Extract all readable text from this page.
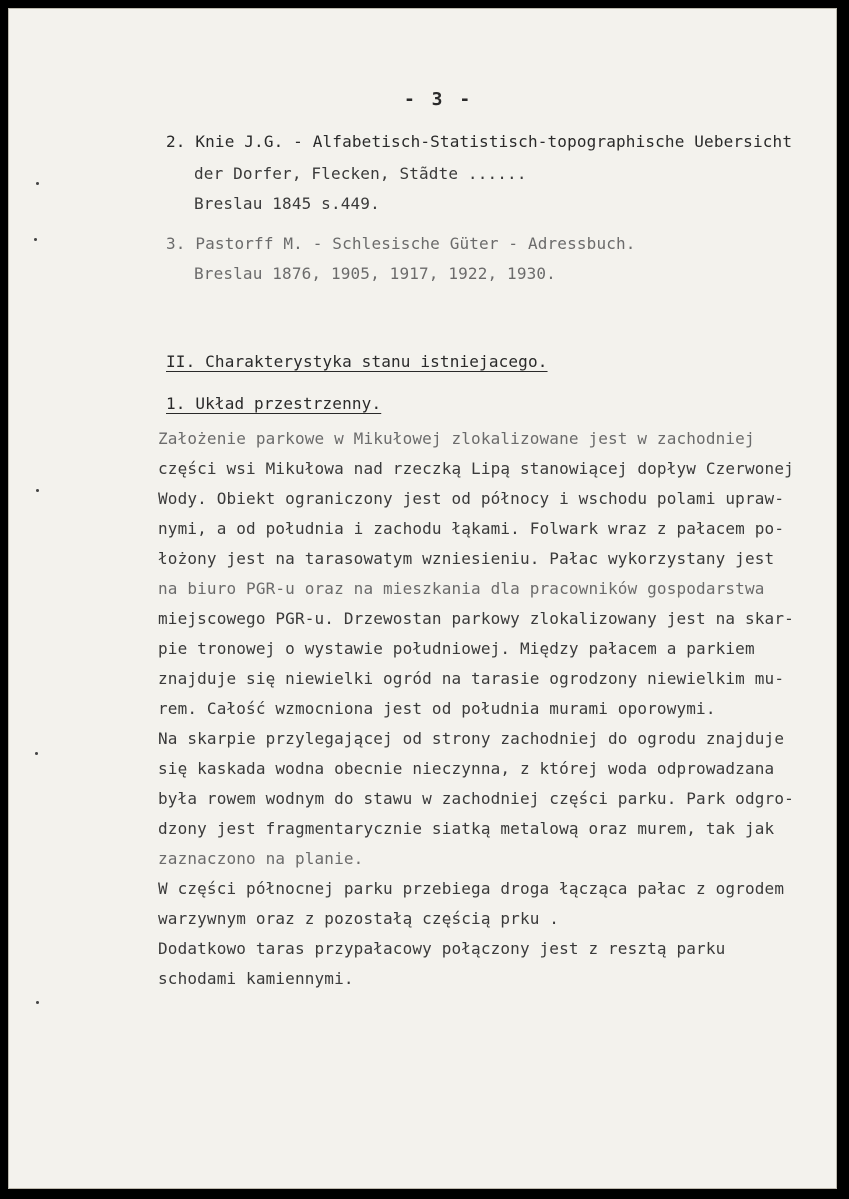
- 3 -
2. Knie J.G. - Alfabetisch-Statistisch-topographische Uebersicht
der Dorfer, Flecken, Stãdte ......
Breslau 1845 s.449.
3. Pastorff M. - Schlesische Güter - Adressbuch.
Breslau 1876, 1905, 1917, 1922, 1930.
II. Charakterystyka stanu istniejacego.
1. Układ przestrzenny.
Założenie parkowe w Mikułowej zlokalizowane jest w zachodniej
części wsi Mikułowa nad rzeczką Lipą stanowiącej dopływ Czerwonej
Wody. Obiekt ograniczony jest od północy i wschodu polami upraw-
nymi, a od południa i zachodu łąkami. Folwark wraz z pałacem po-
łożony jest na tarasowatym wzniesieniu. Pałac wykorzystany jest
na biuro PGR-u oraz na mieszkania dla pracowników gospodarstwa
miejscowego PGR-u. Drzewostan parkowy zlokalizowany jest na skar-
pie tronowej o wystawie południowej. Między pałacem a parkiem
znajduje się niewielki ogród na tarasie ogrodzony niewielkim mu-
rem. Całość wzmocniona jest od południa murami oporowymi.
Na skarpie przylegającej od strony zachodniej do ogrodu znajduje
się kaskada wodna obecnie nieczynna, z której woda odprowadzana
była rowem wodnym do stawu w zachodniej części parku. Park odgro-
dzony jest fragmentarycznie siatką metalową oraz murem, tak jak
zaznaczono na planie.
W części północnej parku przebiega droga łącząca pałac z ogrodem
warzywnym oraz z pozostałą częścią prku .
Dodatkowo taras przypałacowy połączony jest z resztą parku
schodami kamiennymi.
